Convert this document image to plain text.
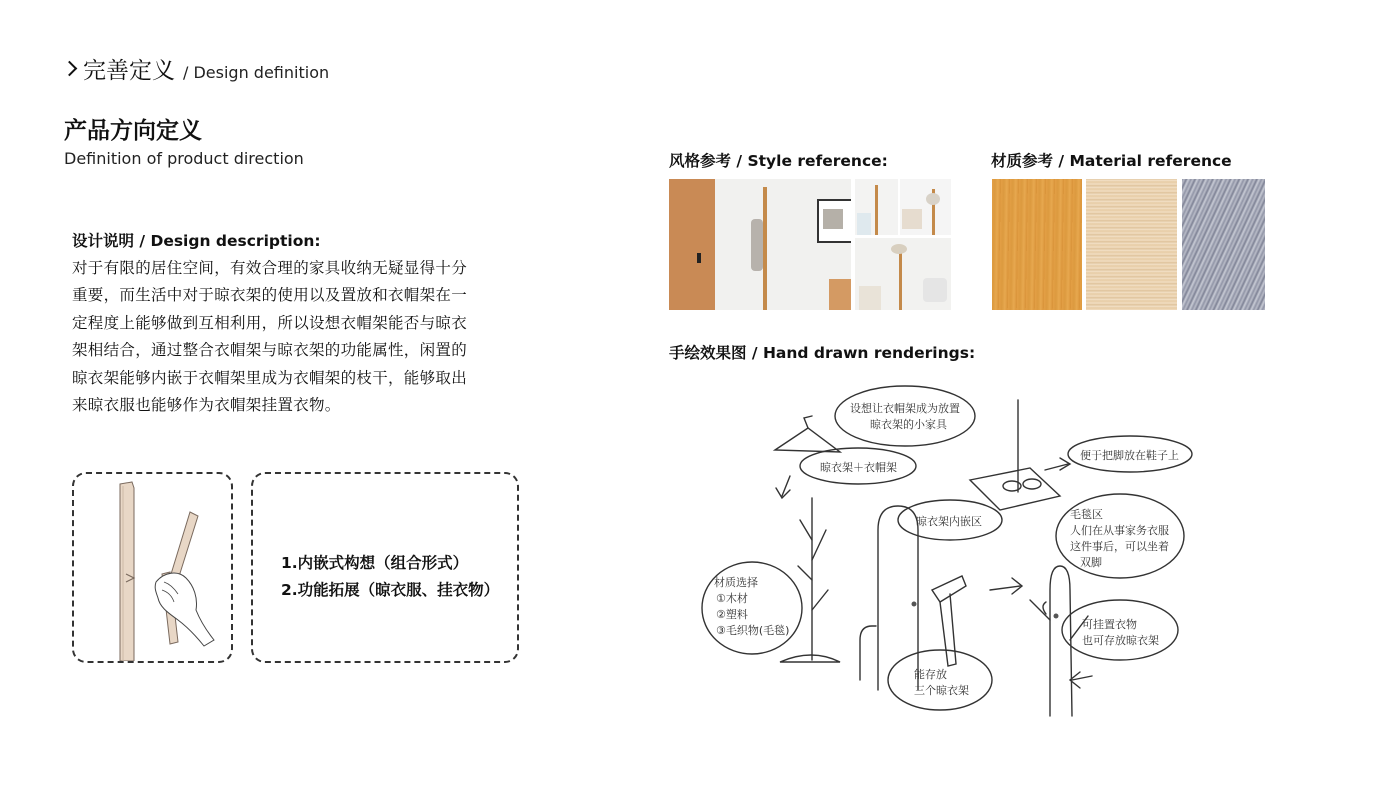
完善定义 / Design definition
产品方向定义
Definition of product direction
设计说明 / Design description:
对于有限的居住空间，有效合理的家具收纳无疑显得十分
重要，而生活中对于晾衣架的使用以及置放和衣帽架在一
定程度上能够做到互相利用，所以设想衣帽架能否与晾衣
架相结合，通过整合衣帽架与晾衣架的功能属性，闲置的
晾衣架能够内嵌于衣帽架里成为衣帽架的枝干，能够取出
来晾衣服也能够作为衣帽架挂置衣物。
1.内嵌式构想（组合形式）
2.功能拓展（晾衣服、挂衣物）
风格参考 / Style reference:	材质参考 / Material reference
手绘效果图 / Hand drawn renderings:
设想让衣帽架成为放置
晾衣架的小家具
晾衣架＋衣帽架
晾衣架内嵌区
便于把脚放在鞋子上
毛毯区
人们在从事家务衣服
这件事后，可以坐着
双脚
材质选择
①木材
②塑料
③毛织物(毛毯)	可挂置衣物
也可存放晾衣架
能存放
三个晾衣架
